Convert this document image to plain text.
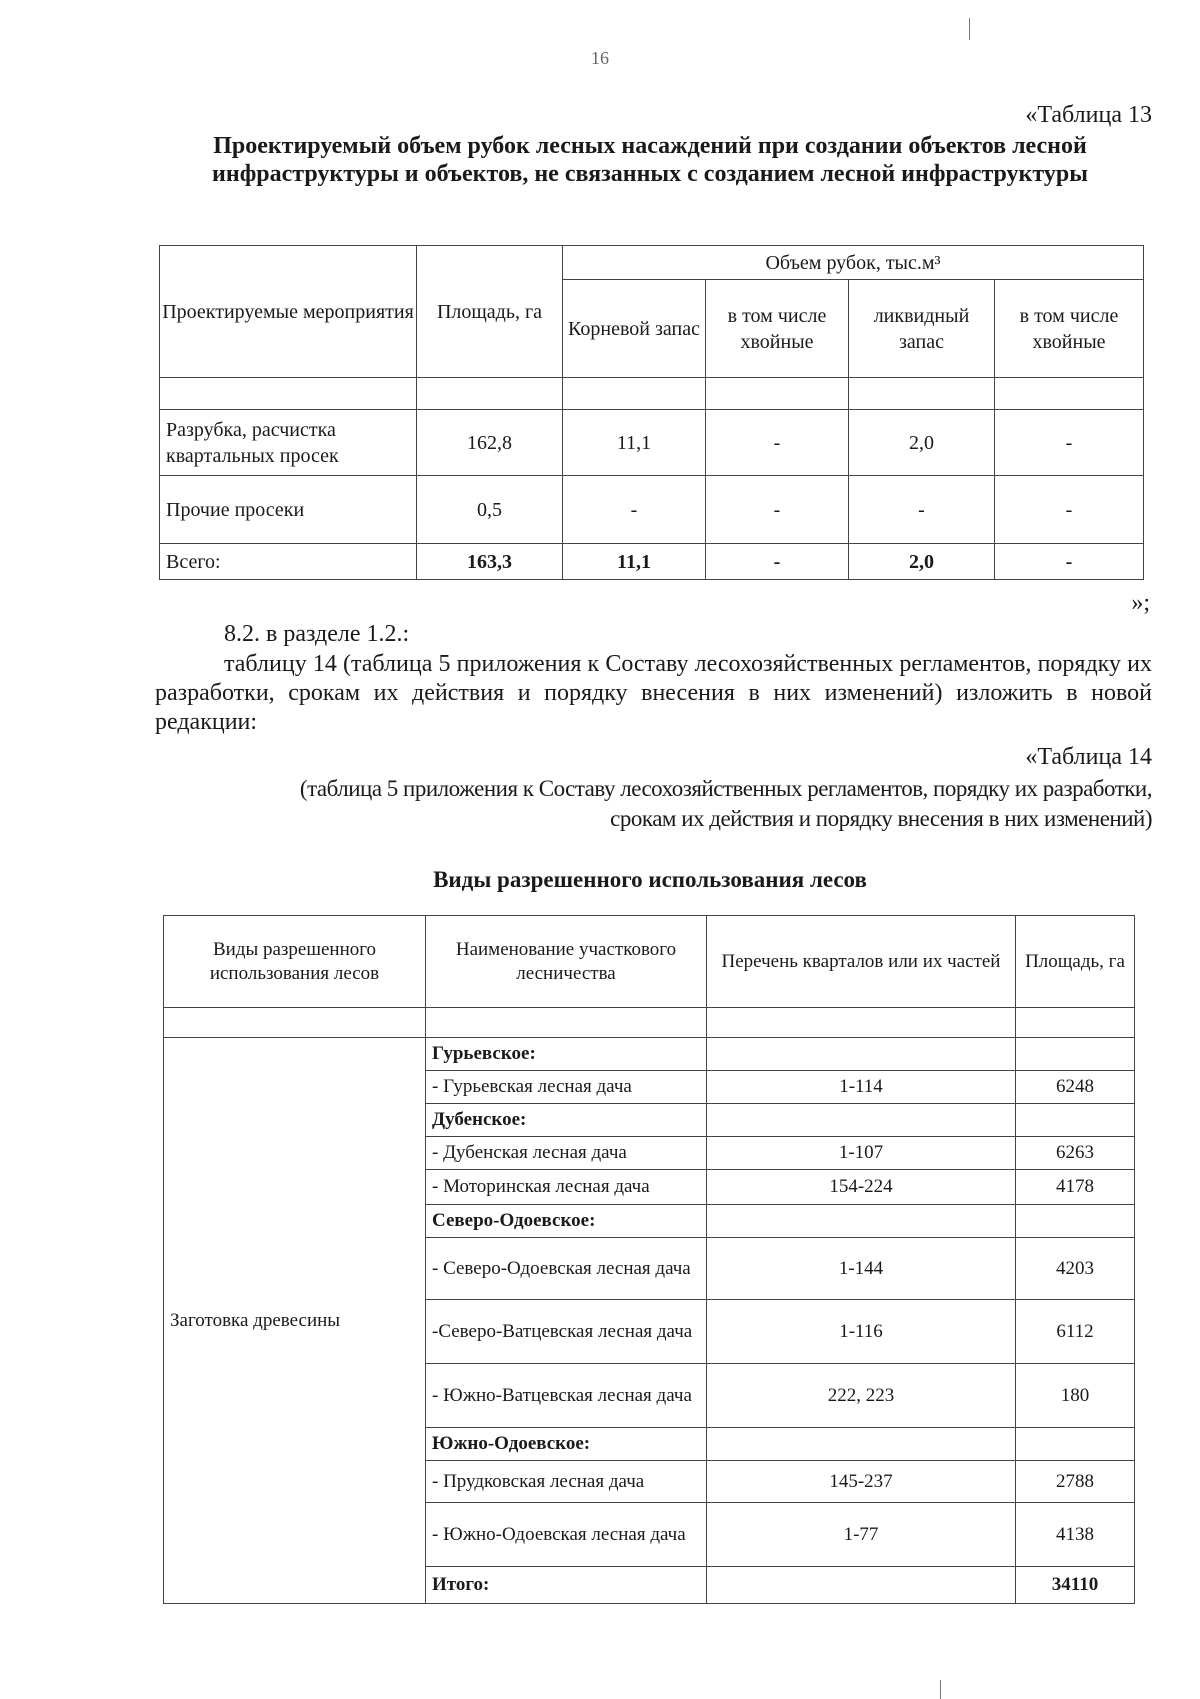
16
«Таблица 13
Проектируемый объем рубок лесных насаждений при создании объектов лесной инфраструктуры и объектов, не связанных с созданием лесной инфраструктуры
Проектируемые мероприятия	Площадь, га	Объем рубок, тыс.м³			
		Корневой запас	в том числе хвойные	ликвидный запас	в том числе хвойные

Разрубка, расчистка квартальных просек	162,8	11,1	-	2,0	-
Прочие просеки	0,5	-	-	-	-
Всего:	163,3	11,1	-	2,0	-
»;
8.2. в разделе 1.2.:
таблицу 14 (таблица 5 приложения к Составу лесохозяйственных регламентов, порядку их разработки, срокам их действия и порядку внесения в них изменений) изложить в новой редакции:
«Таблица 14
(таблица 5 приложения к Составу лесохозяйственных регламентов, порядку их разработки,
срокам их действия и порядку внесения в них изменений)
Виды разрешенного использования лесов
Виды разрешенного использования лесов	Наименование участкового лесничества	Перечень кварталов или их частей	Площадь, га

Заготовка древесины	Гурьевское:		
	- Гурьевская лесная дача	1-114	6248
	Дубенское:		
	- Дубенская лесная дача	1-107	6263
	- Моторинская лесная дача	154-224	4178
	Северо-Одоевское:		
	- Северо-Одоевская лесная дача	1-144	4203
	-Северо-Ватцевская лесная дача	1-116	6112
	- Южно-Ватцевская лесная дача	222, 223	180
	Южно-Одоевское:		
	- Прудковская лесная дача	145-237	2788
	- Южно-Одоевская лесная дача	1-77	4138
	Итого:		34110
